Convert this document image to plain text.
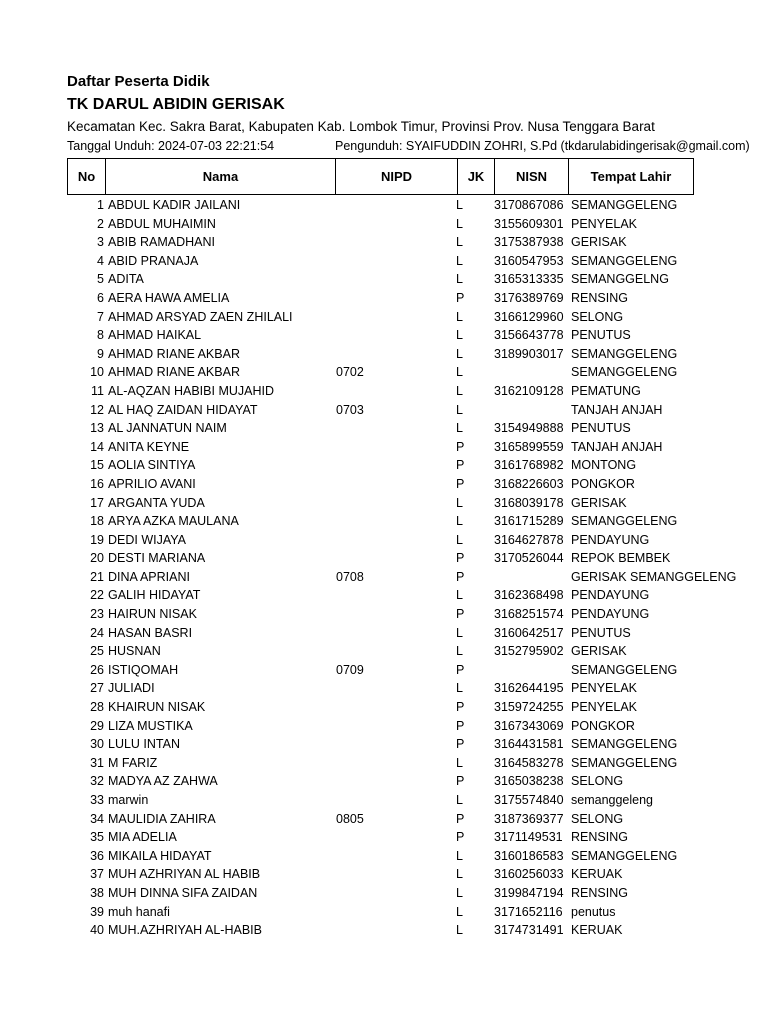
Daftar Peserta Didik
TK DARUL ABIDIN GERISAK
Kecamatan Kec. Sakra Barat, Kabupaten Kab. Lombok Timur, Provinsi Prov. Nusa Tenggara Barat
Tanggal Unduh: 2024-07-03 22:21:54	Pengunduh: SYAIFUDDIN ZOHRI, S.Pd (tkdarulabidingerisak@gmail.com)
No	Nama	NIPD	JK	NISN	Tempat Lahir
1 ABDUL KADIR JAILANI	L 3170867086 SEMANGGELENG
2 ABDUL MUHAIMIN	L 3155609301 PENYELAK
3 ABIB RAMADHANI	L 3175387938 GERISAK
4 ABID PRANAJA	L 3160547953 SEMANGGELENG
5 ADITA	L 3165313335 SEMANGGELNG
6 AERA HAWA AMELIA	P 3176389769 RENSING
7 AHMAD ARSYAD ZAEN ZHILALI	L 3166129960 SELONG
8 AHMAD HAIKAL	L 3156643778 PENUTUS
9 AHMAD RIANE AKBAR	L 3189903017 SEMANGGELENG
10 AHMAD RIANE AKBAR	0702	L	SEMANGGELENG
11 AL-AQZAN HABIBI MUJAHID	L 3162109128 PEMATUNG
12 AL HAQ ZAIDAN HIDAYAT	0703	L	TANJAH ANJAH
13 AL JANNATUN NAIM	L 3154949888 PENUTUS
14 ANITA KEYNE	P 3165899559 TANJAH ANJAH
15 AOLIA SINTIYA	P 3161768982 MONTONG
16 APRILIO AVANI	P 3168226603 PONGKOR
17 ARGANTA YUDA	L 3168039178 GERISAK
18 ARYA AZKA MAULANA	L 3161715289 SEMANGGELENG
19 DEDI WIJAYA	L 3164627878 PENDAYUNG
20 DESTI MARIANA	P 3170526044 REPOK BEMBEK
21 DINA APRIANI	0708	P	GERISAK SEMANGGELENG
22 GALIH HIDAYAT	L 3162368498 PENDAYUNG
23 HAIRUN NISAK	P 3168251574 PENDAYUNG
24 HASAN BASRI	L 3160642517 PENUTUS
25 HUSNAN	L 3152795902 GERISAK
26 ISTIQOMAH	0709	P	SEMANGGELENG
27 JULIADI	L 3162644195 PENYELAK
28 KHAIRUN NISAK	P 3159724255 PENYELAK
29 LIZA MUSTIKA	P 3167343069 PONGKOR
30 LULU INTAN	P 3164431581 SEMANGGELENG
31 M FARIZ	L 3164583278 SEMANGGELENG
32 MADYA AZ ZAHWA	P 3165038238 SELONG
33 marwin	L 3175574840 semanggeleng
34 MAULIDIA ZAHIRA	0805	P 3187369377 SELONG
35 MIA ADELIA	P 3171149531 RENSING
36 MIKAILA HIDAYAT	L 3160186583 SEMANGGELENG
37 MUH AZHRIYAN AL HABIB	L 3160256033 KERUAK
38 MUH DINNA SIFA ZAIDAN	L 3199847194 RENSING
39 muh hanafi	L 3171652116 penutus
40 MUH.AZHRIYAH AL-HABIB	L 3174731491 KERUAK
